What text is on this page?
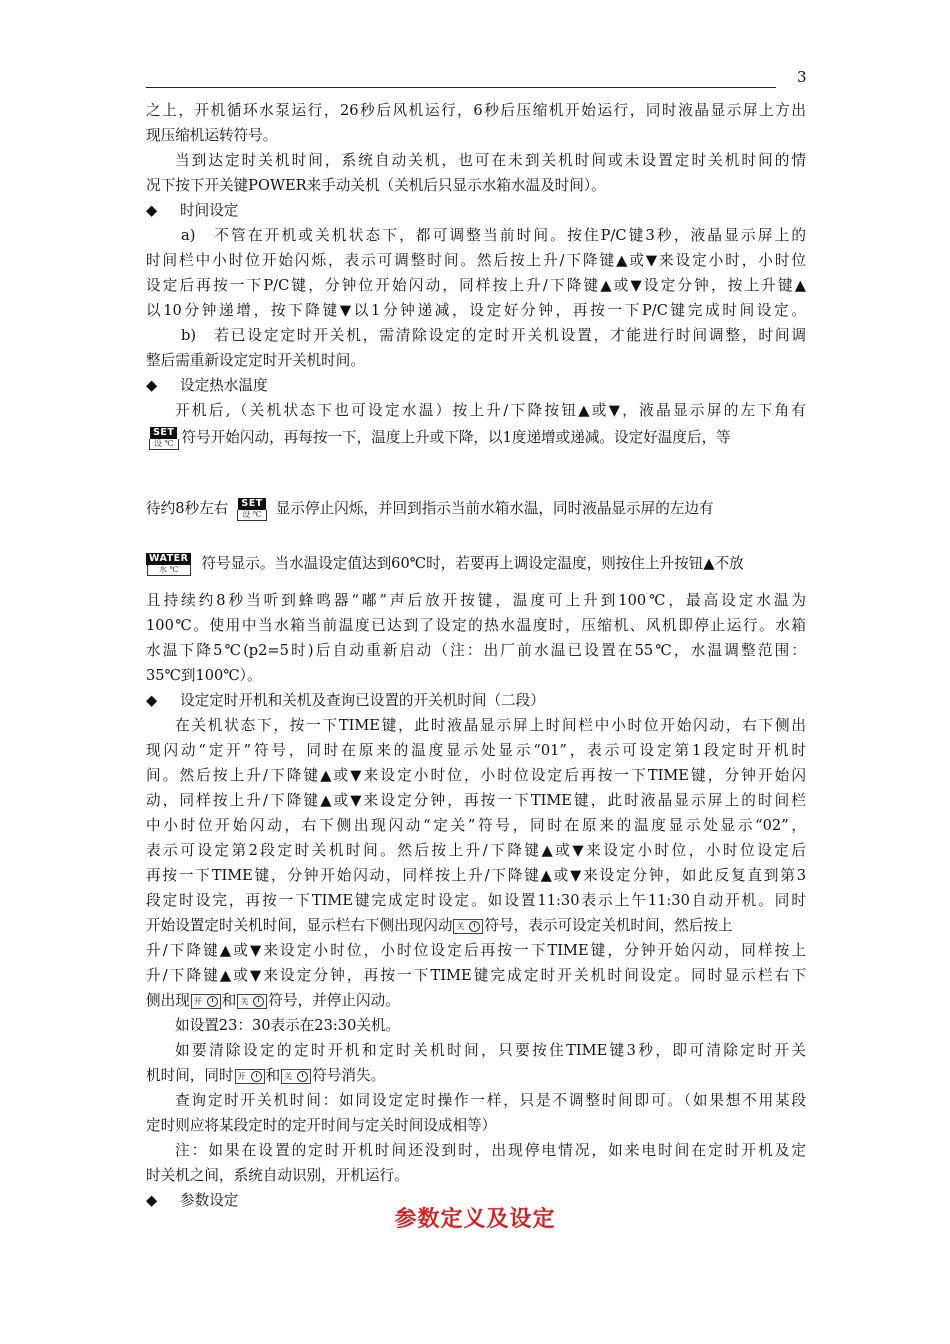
3
之上，开机循环水泵运行，26秒后风机运行，6秒后压缩机开始运行，同时液晶显示屏上方出
现压缩机运转符号。
当到达定时关机时间，系统自动关机，也可在未到关机时间或未设置定时关机时间的情
况下按下开关键POWER来手动关机（关机后只显示水箱水温及时间）。
◆ 时间设定
a)　不管在开机或关机状态下，都可调整当前时间。按住P/C键3秒，液晶显示屏上的
时间栏中小时位开始闪烁，表示可调整时间。然后按上升/下降键▲或▼来设定小时，小时位
设定后再按一下P/C键，分钟位开始闪动，同样按上升/下降键▲或▼设定分钟，按上升键▲
以10分钟递增，按下降键▼以1分钟递减，设定好分钟，再按一下P/C键完成时间设定。
b)　若已设定定时开关机，需清除设定的定时开关机设置，才能进行时间调整，时间调
整后需重新设定定时开关机时间。
◆ 设定热水温度
开机后,（关机状态下也可设定水温）按上升/下降按钮▲或▼，液晶显示屏的左下角有
SET
设 ℃ 符号开始闪动，再每按一下，温度上升或下降，以1度递增或递减。设定好温度后，等
待约8秒左右	SET
设 ℃ 显示停止闪烁，并回到指示当前水箱水温，同时液晶显示屏的左边有
WATER
水 ℃	符号显示。当水温设定值达到60℃时，若要再上调设定温度，则按住上升按钮▲不放
且持续约8秒当听到蜂鸣器“嘟”声后放开按键，温度可上升到100℃，最高设定水温为
100℃。使用中当水箱当前温度已达到了设定的热水温度时，压缩机、风机即停止运行。水箱
水温下降5℃(p2=5时)后自动重新启动（注：出厂前水温已设置在55℃，水温调整范围：
35℃到100℃）。
◆ 设定定时开机和关机及查询已设置的开关机时间（二段）
在关机状态下，按一下TIME键，此时液晶显示屏上时间栏中小时位开始闪动，右下侧出
现闪动“定开”符号，同时在原来的温度显示处显示“01”，表示可设定第1段定时开机时
间。然后按上升/下降键▲或▼来设定小时位，小时位设定后再按一下TIME键，分钟开始闪
动，同样按上升/下降键▲或▼来设定分钟，再按一下TIME键，此时液晶显示屏上的时间栏
中小时位开始闪动，右下侧出现闪动“定关”符号，同时在原来的温度显示处显示“02”，
表示可设定第2段定时关机时间。然后按上升/下降键▲或▼来设定小时位，小时位设定后
再按一下TIME键，分钟开始闪动，同样按上升/下降键▲或▼来设定分钟，如此反复直到第3
段定时设完，再按一下TIME键完成定时设定。如设置11:30表示上午11:30自动开机。同时
开始设置定时关机时间，显示栏右下侧出现闪动 关 符号，表示可设定关机时间，然后按上
升/下降键▲或▼来设定小时位，小时位设定后再按一下TIME键，分钟开始闪动，同样按上
升/下降键▲或▼来设定分钟，再按一下TIME键完成定时开关机时间设定。同时显示栏右下
侧出现 开 和 关 符号，并停止闪动。
如设置23：30表示在23:30关机。
如要清除设定的定时开机和定时关机时间，只要按住TIME键3秒，即可清除定时开关
机时间，同时 开 和 关 符号消失。
查询定时开关机时间：如同设定定时操作一样，只是不调整时间即可。（如果想不用某段
定时则应将某段定时的定开时间与定关时间设成相等）
注：如果在设置的定时开机时间还没到时，出现停电情况，如来电时间在定时开机及定
时关机之间，系统自动识别，开机运行。
◆ 参数设定
参数定义及设定
